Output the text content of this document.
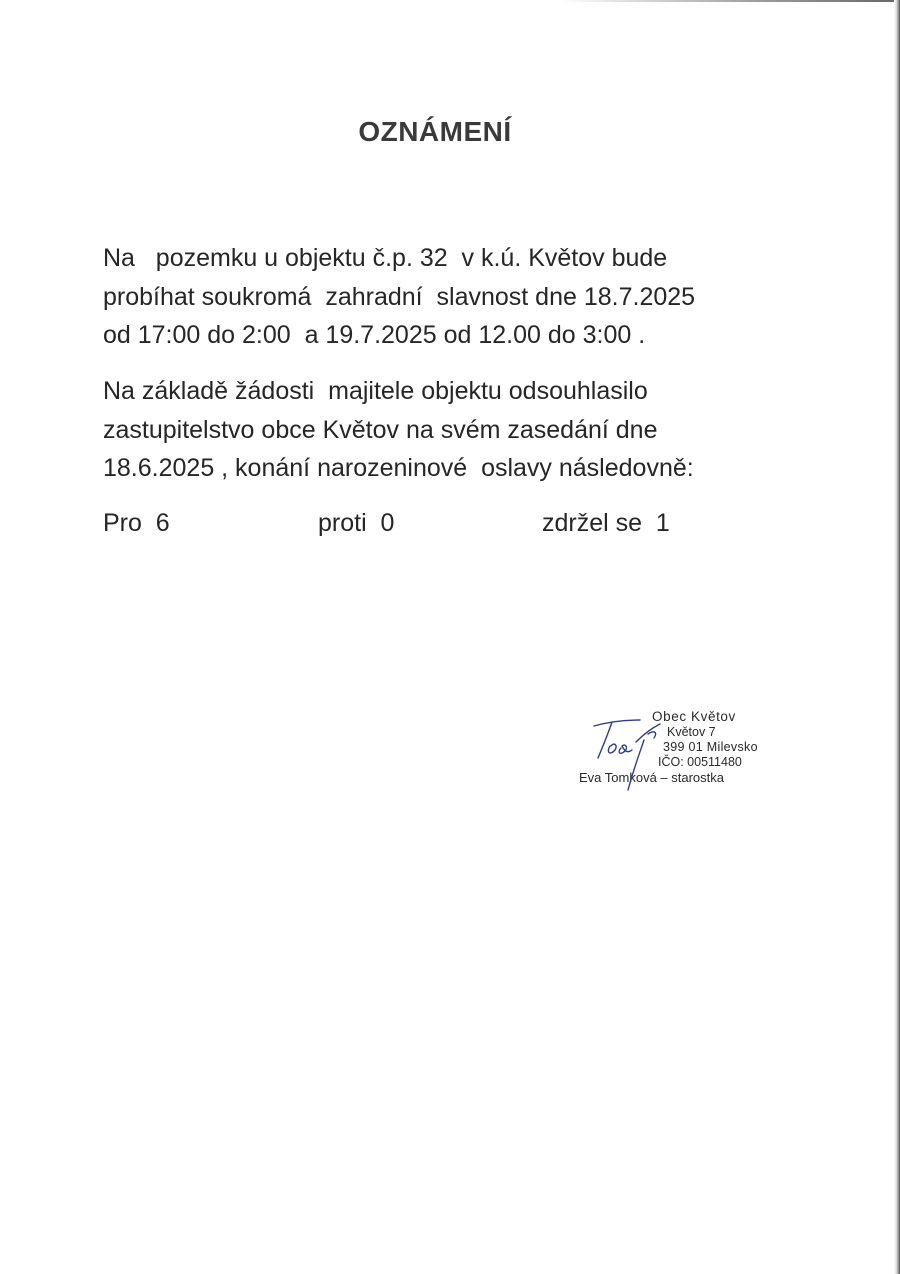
OZNÁMENÍ
Na   pozemku u objektu č.p. 32  v k.ú. Květov bude
probíhat soukromá  zahradní  slavnost dne 18.7.2025
od 17:00 do 2:00  a 19.7.2025 od 12.00 do 3:00 .
Na základě žádosti  majitele objektu odsouhlasilo
zastupitelstvo obce Květov na svém zasedání dne
18.6.2025 , konání narozeninové  oslavy následovně:
Pro  6	proti  0	zdržel se  1
Obec Květov
Květov 7
399 01 Milevsko
IČO: 00511480
Eva Tomková – starostka
